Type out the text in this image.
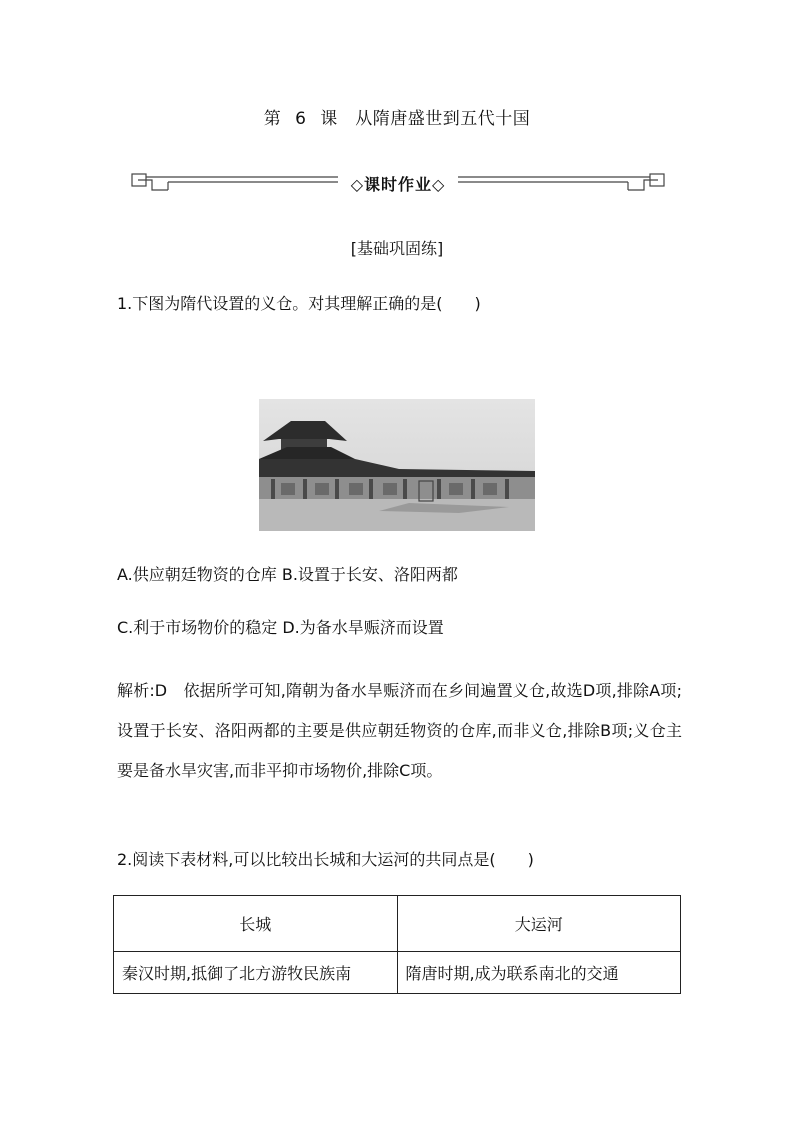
第 6 课　从隋唐盛世到五代十国
◇课时作业◇
[基础巩固练]
1.下图为隋代设置的义仓。对其理解正确的是(　　)
A.供应朝廷物资的仓库 B.设置于长安、洛阳两都
C.利于市场物价的稳定 D.为备水旱赈济而设置
解析:D　依据所学可知,隋朝为备水旱赈济而在乡间遍置义仓,故选D项,排除A项;设置于长安、洛阳两都的主要是供应朝廷物资的仓库,而非义仓,排除B项;义仓主要是备水旱灾害,而非平抑市场物价,排除C项。
2.阅读下表材料,可以比较出长城和大运河的共同点是(　　)
长城	大运河
秦汉时期,抵御了北方游牧民族南	隋唐时期,成为联系南北的交通
